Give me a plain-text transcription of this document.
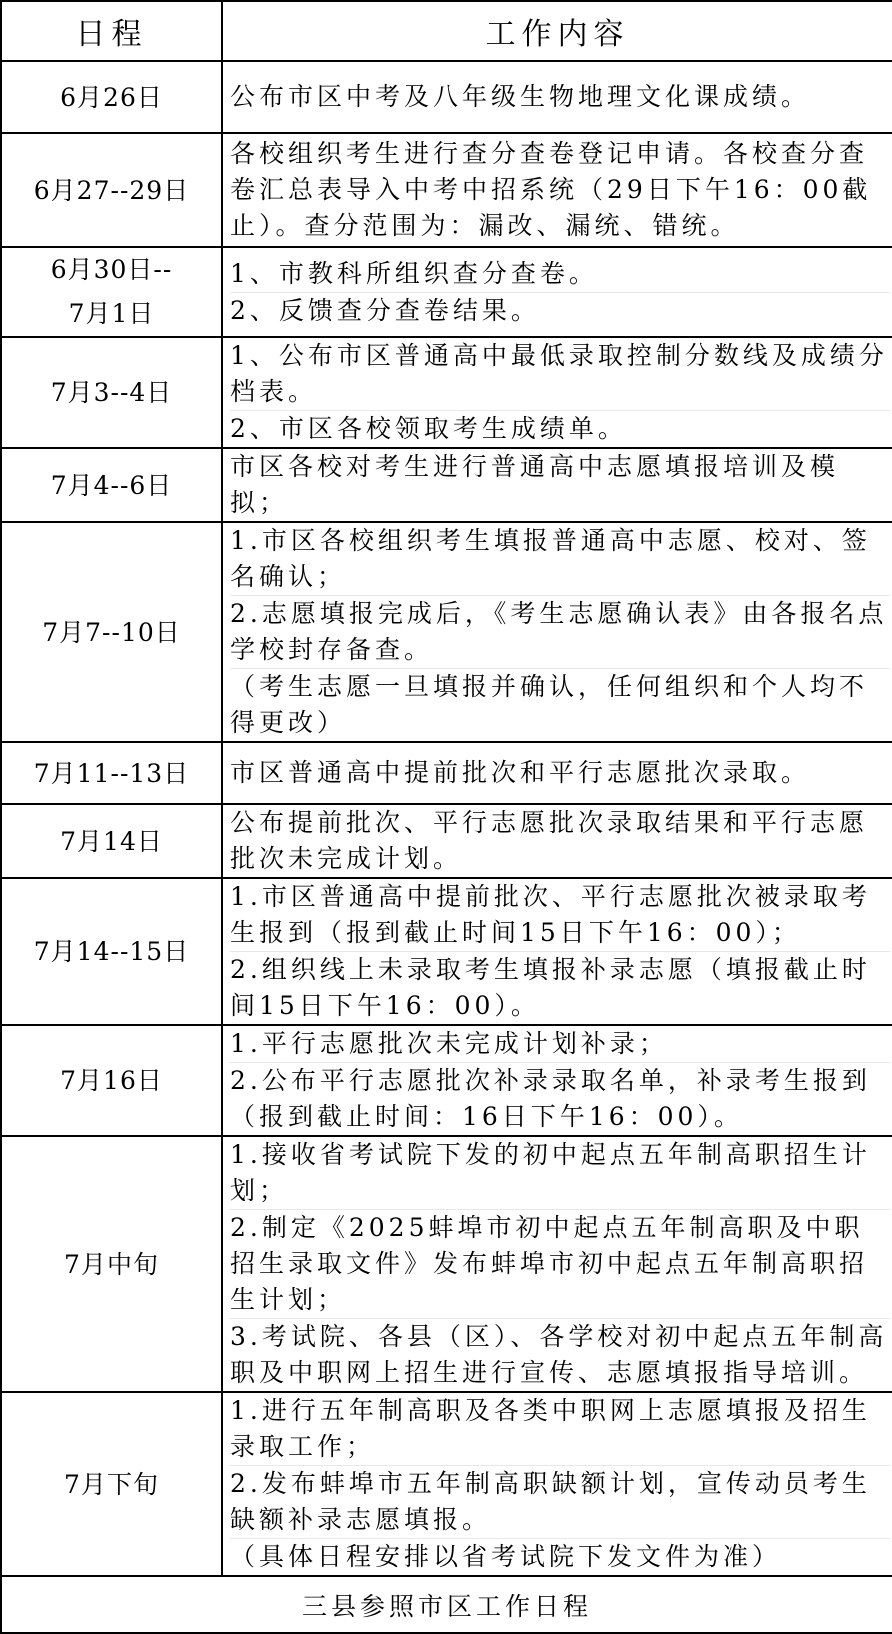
日程	工作内容
6月26日	公布市区中考及八年级生物地理文化课成绩。

6月27--29日	各校组织考生进行查分查卷登记申请。各校查分查卷汇总表导入中考中招系统（29日下午16：00截止）。查分范围为：漏改、漏统、错统。

6月30日--
7月1日	1、市教科所组织查分查卷。
2、反馈查分查卷结果。

7月3--4日	1、公布市区普通高中最低录取控制分数线及成绩分档表。
2、市区各校领取考生成绩单。

7月4--6日	市区各校对考生进行普通高中志愿填报培训及模拟；

7月7--10日	1.市区各校组织考生填报普通高中志愿、校对、签名确认；
2.志愿填报完成后，《考生志愿确认表》由各报名点学校封存备查。
（考生志愿一旦填报并确认，任何组织和个人均不得更改）

7月11--13日	市区普通高中提前批次和平行志愿批次录取。

7月14日	公布提前批次、平行志愿批次录取结果和平行志愿批次未完成计划。

7月14--15日	1.市区普通高中提前批次、平行志愿批次被录取考生报到（报到截止时间15日下午16：00）；
2.组织线上未录取考生填报补录志愿（填报截止时间15日下午16：00）。

7月16日	1.平行志愿批次未完成计划补录；
2.公布平行志愿批次补录录取名单，补录考生报到（报到截止时间：16日下午16：00）。

7月中旬	1.接收省考试院下发的初中起点五年制高职招生计划；
2.制定《2025蚌埠市初中起点五年制高职及中职招生录取文件》发布蚌埠市初中起点五年制高职招生计划；
3.考试院、各县（区）、各学校对初中起点五年制高职及中职网上招生进行宣传、志愿填报指导培训。

7月下旬	1.进行五年制高职及各类中职网上志愿填报及招生录取工作；
2.发布蚌埠市五年制高职缺额计划，宣传动员考生缺额补录志愿填报。
（具体日程安排以省考试院下发文件为准）

三县参照市区工作日程	
